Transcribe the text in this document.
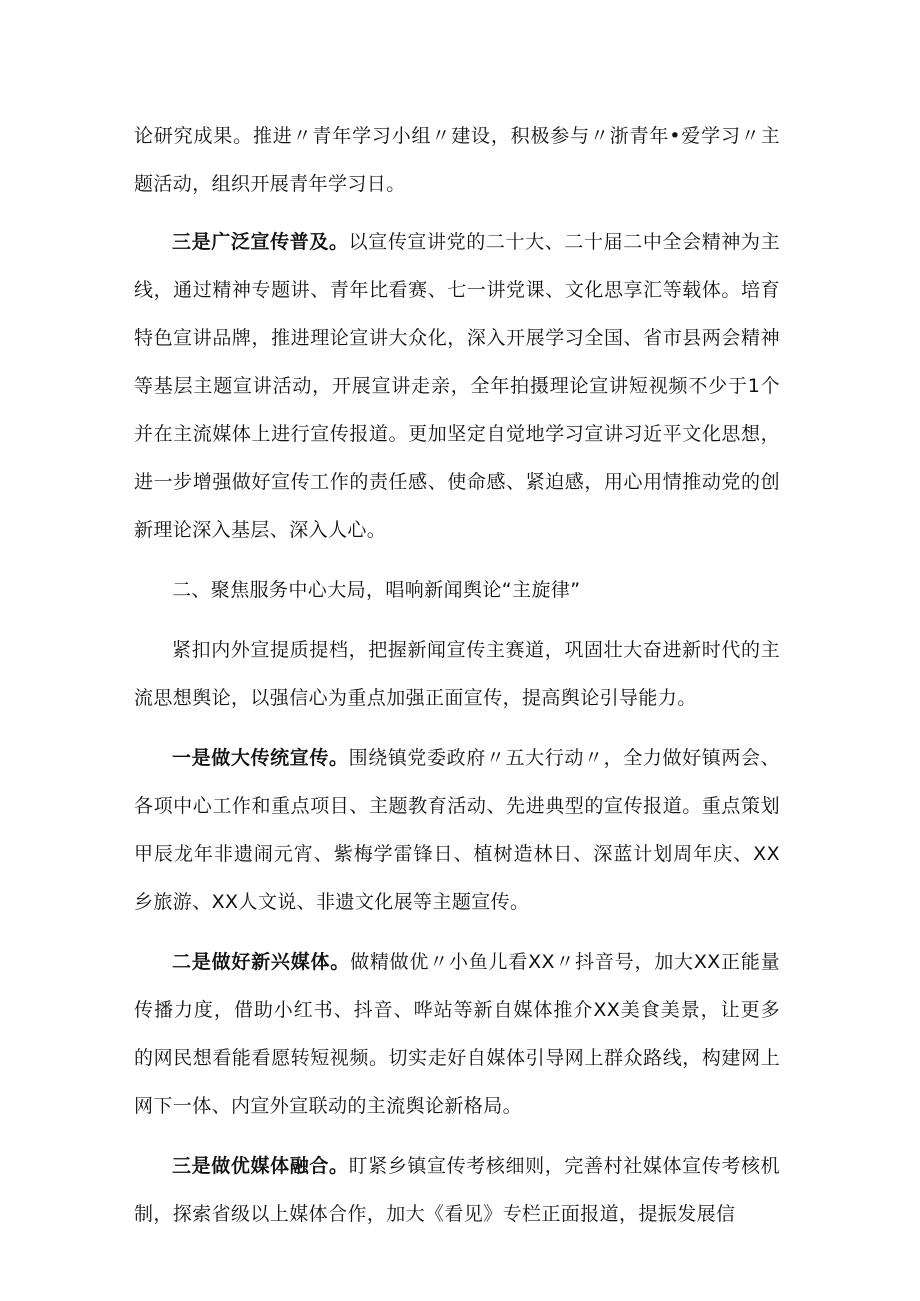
论研究成果。推进〃青年学习小组〃建设，积极参与〃浙青年•爱学习〃主题活动，组织开展青年学习日。

三是广泛宣传普及。以宣传宣讲党的二十大、二十届二中全会精神为主线，通过精神专题讲、青年比看赛、七一讲党课、文化思享汇等载体。培育特色宣讲品牌，推进理论宣讲大众化，深入开展学习全国、省市县两会精神等基层主题宣讲活动，开展宣讲走亲，全年拍摄理论宣讲短视频不少于1个并在主流媒体上进行宣传报道。更加坚定自觉地学习宣讲习近平文化思想，进一步增强做好宣传工作的责任感、使命感、紧迫感，用心用情推动党的创新理论深入基层、深入人心。

二、聚焦服务中心大局，唱响新闻舆论“主旋律”

紧扣内外宣提质提档，把握新闻宣传主赛道，巩固壮大奋进新时代的主流思想舆论，以强信心为重点加强正面宣传，提高舆论引导能力。

一是做大传统宣传。围绕镇党委政府〃五大行动〃，全力做好镇两会、各项中心工作和重点项目、主题教育活动、先进典型的宣传报道。重点策划甲辰龙年非遗闹元宵、紫梅学雷锋日、植树造林日、深蓝计划周年庆、XX乡旅游、XX人文说、非遗文化展等主题宣传。

二是做好新兴媒体。做精做优〃小鱼儿看XX〃抖音号，加大XX正能量传播力度，借助小红书、抖音、哗站等新自媒体推介XX美食美景，让更多的网民想看能看愿转短视频。切实走好自媒体引导网上群众路线，构建网上网下一体、内宣外宣联动的主流舆论新格局。

三是做优媒体融合。盯紧乡镇宣传考核细则，完善村社媒体宣传考核机制，探索省级以上媒体合作，加大《看见》专栏正面报道，提振发展信
